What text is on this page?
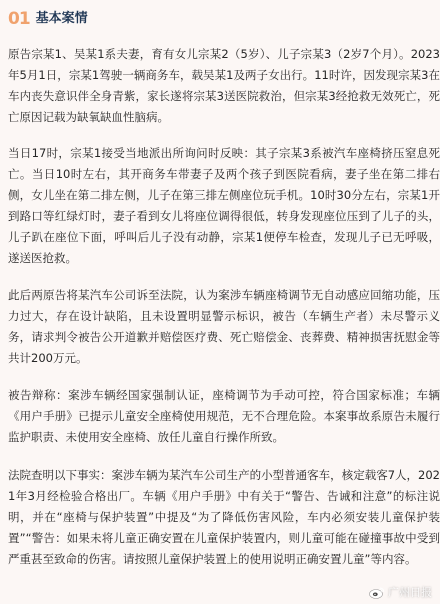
01 基本案情

原告宗某1、吴某1系夫妻，育有女儿宗某2（5岁）、儿子宗某3（2岁7个月）。2023年5月1日，宗某1驾驶一辆商务车，载吴某1及两子女出行。11时许，因发现宗某3在车内丧失意识伴全身青紫，家长遂将宗某3送医院救治，但宗某3经抢救无效死亡，死亡原因记载为缺氧缺血性脑病。

当日17时，宗某1接受当地派出所询问时反映：其子宗某3系被汽车座椅挤压窒息死亡。当日10时左右，其开商务车带妻子及两个孩子到医院看病，妻子坐在第二排右侧，女儿坐在第二排左侧，儿子在第三排左侧座位玩手机。10时30分左右，宗某1开到路口等红绿灯时，妻子看到女儿将座位调得很低，转身发现座位压到了儿子的头，儿子趴在座位下面，呼叫后儿子没有动静，宗某1便停车检查，发现儿子已无呼吸，遂送医抢救。

此后两原告将某汽车公司诉至法院，认为案涉车辆座椅调节无自动感应回缩功能，压力过大，存在设计缺陷，且未设置明显警示标识，被告（车辆生产者）未尽警示义务，请求判令被告公开道歉并赔偿医疗费、死亡赔偿金、丧葬费、精神损害抚慰金等共计200万元。

被告辩称：案涉车辆经国家强制认证，座椅调节为手动可控，符合国家标准；车辆《用户手册》已提示儿童安全座椅使用规范，无不合理危险。本案事故系原告未履行监护职责、未使用安全座椅、放任儿童自行操作所致。

法院查明以下事实：案涉车辆为某汽车公司生产的小型普通客车，核定载客7人，2021年3月经检验合格出厂。车辆《用户手册》中有关于“警告、告诫和注意”的标注说明，并在“座椅与保护装置”中提及“为了降低伤害风险，车内必须安装儿童保护装置”“警告：如果未将儿童正确安置在儿童保护装置内，则儿童可能在碰撞事故中受到严重甚至致命的伤害。请按照儿童保护装置上的使用说明正确安置儿童”等内容。

广州日报
